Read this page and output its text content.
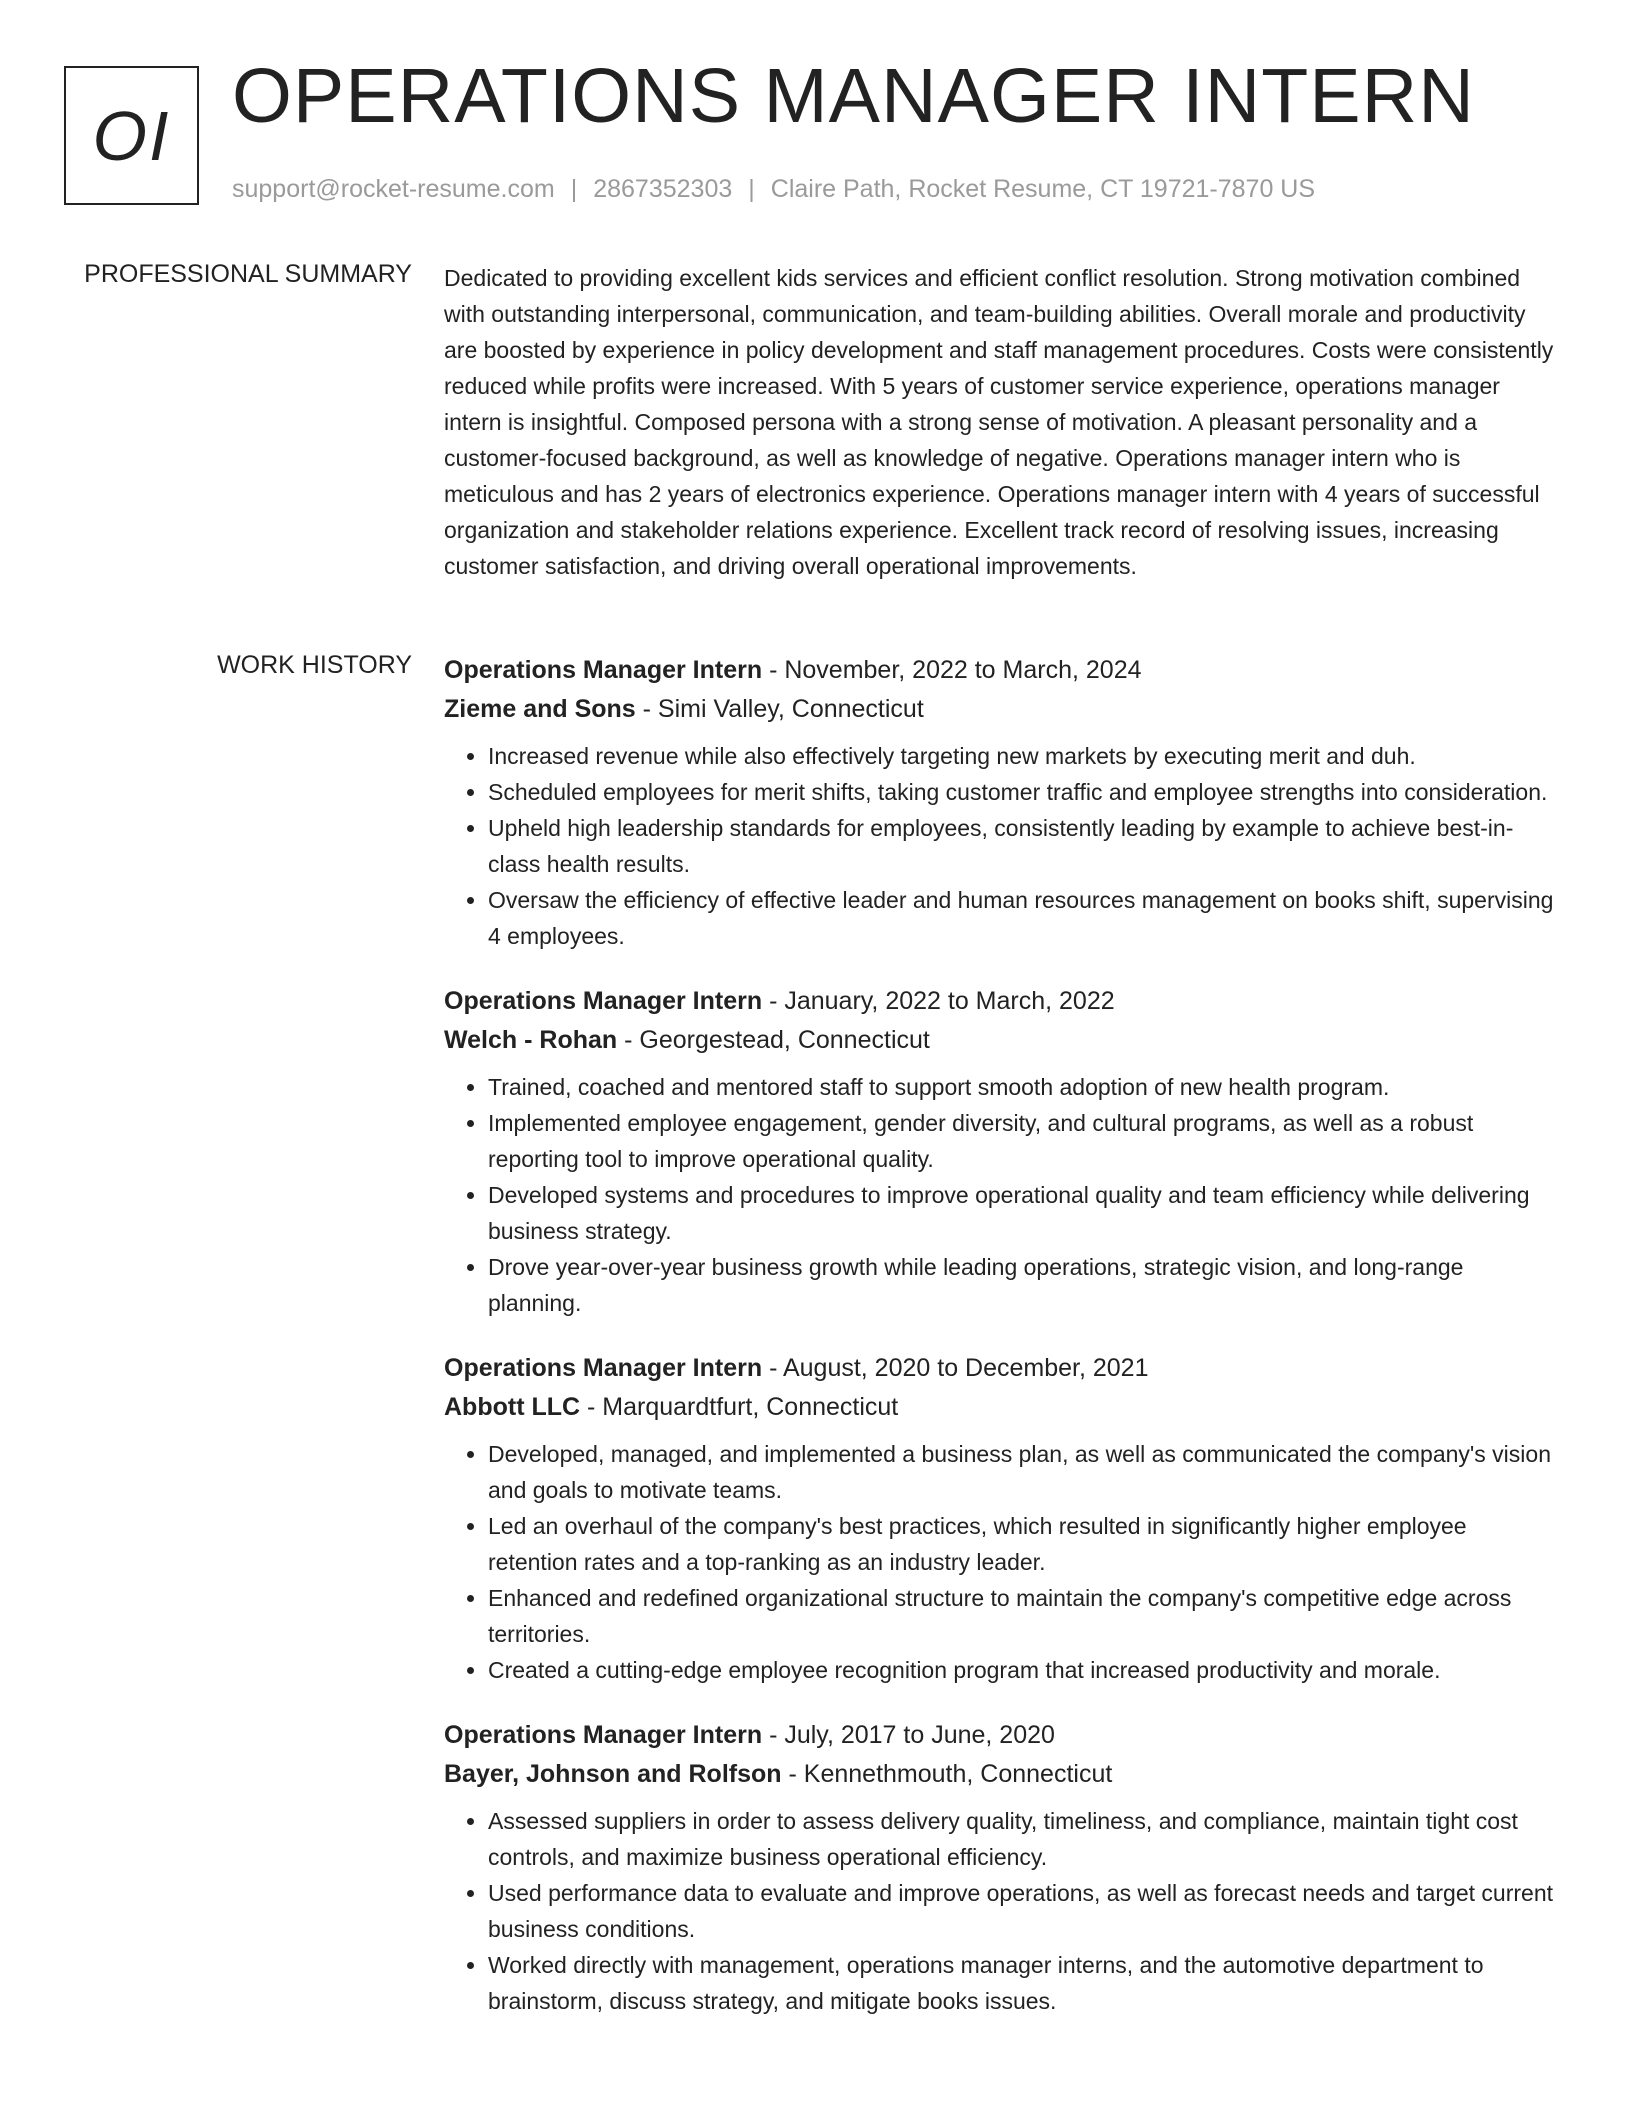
OI OPERATIONS MANAGER INTERN
support@rocket-resume.com | 2867352303 | Claire Path, Rocket Resume, CT 19721-7870 US
PROFESSIONAL SUMMARY Dedicated to providing excellent kids services and efficient conflict resolution. Strong motivation combined with outstanding interpersonal, communication, and team-building abilities. Overall morale and productivity are boosted by experience in policy development and staff management procedures. Costs were consistently reduced while profits were increased. With 5 years of customer service experience, operations manager intern is insightful. Composed persona with a strong sense of motivation. A pleasant personality and a customer-focused background, as well as knowledge of negative. Operations manager intern who is meticulous and has 2 years of electronics experience. Operations manager intern with 4 years of successful organization and stakeholder relations experience. Excellent track record of resolving issues, increasing customer satisfaction, and driving overall operational improvements.

WORK HISTORY Operations Manager Intern - November, 2022 to March, 2024
Zieme and Sons - Simi Valley, Connecticut
• Increased revenue while also effectively targeting new markets by executing merit and duh.
• Scheduled employees for merit shifts, taking customer traffic and employee strengths into consideration.
• Upheld high leadership standards for employees, consistently leading by example to achieve best-in-class health results.
• Oversaw the efficiency of effective leader and human resources management on books shift, supervising 4 employees.
Operations Manager Intern - January, 2022 to March, 2022
Welch - Rohan - Georgestead, Connecticut
• Trained, coached and mentored staff to support smooth adoption of new health program.
• Implemented employee engagement, gender diversity, and cultural programs, as well as a robust reporting tool to improve operational quality.
• Developed systems and procedures to improve operational quality and team efficiency while delivering business strategy.
• Drove year-over-year business growth while leading operations, strategic vision, and long-range planning.
Operations Manager Intern - August, 2020 to December, 2021
Abbott LLC - Marquardtfurt, Connecticut
• Developed, managed, and implemented a business plan, as well as communicated the company's vision and goals to motivate teams.
• Led an overhaul of the company's best practices, which resulted in significantly higher employee retention rates and a top-ranking as an industry leader.
• Enhanced and redefined organizational structure to maintain the company's competitive edge across territories.
• Created a cutting-edge employee recognition program that increased productivity and morale.
Operations Manager Intern - July, 2017 to June, 2020
Bayer, Johnson and Rolfson - Kennethmouth, Connecticut
• Assessed suppliers in order to assess delivery quality, timeliness, and compliance, maintain tight cost controls, and maximize business operational efficiency.
• Used performance data to evaluate and improve operations, as well as forecast needs and target current business conditions.
• Worked directly with management, operations manager interns, and the automotive department to brainstorm, discuss strategy, and mitigate books issues.
